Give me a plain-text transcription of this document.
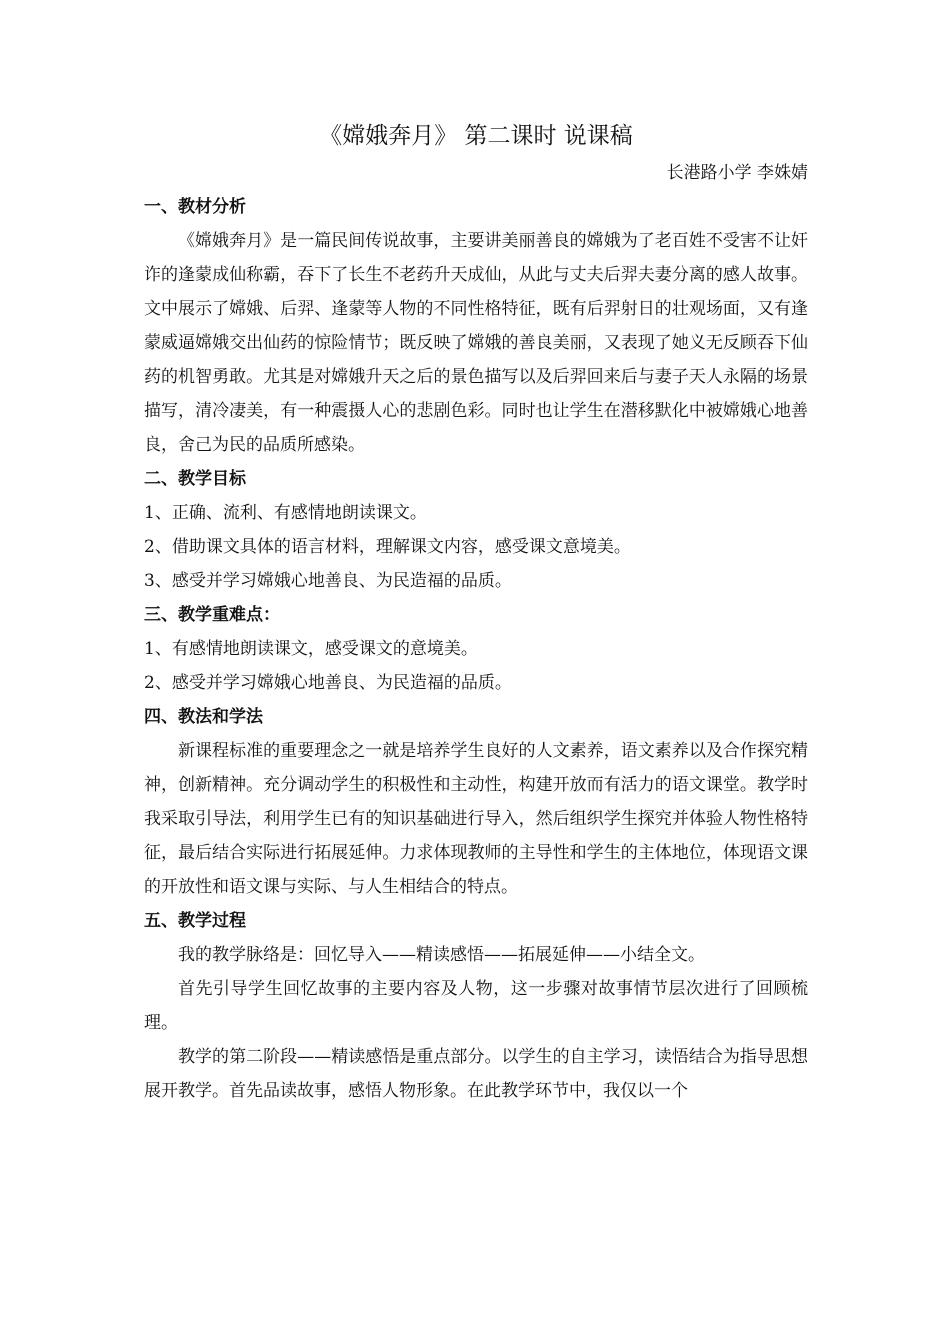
《嫦娥奔月》 第二课时 说课稿
长港路小学 李姝婧
一、教材分析

《嫦娥奔月》是一篇民间传说故事，主要讲美丽善良的嫦娥为了老百姓不受害不让奸诈的逢蒙成仙称霸，吞下了长生不老药升天成仙，从此与丈夫后羿夫妻分离的感人故事。文中展示了嫦娥、后羿、逢蒙等人物的不同性格特征，既有后羿射日的壮观场面，又有逢蒙威逼嫦娥交出仙药的惊险情节；既反映了嫦娥的善良美丽，又表现了她义无反顾吞下仙药的机智勇敢。尤其是对嫦娥升天之后的景色描写以及后羿回来后与妻子天人永隔的场景描写，清冷凄美，有一种震摄人心的悲剧色彩。同时也让学生在潜移默化中被嫦娥心地善良，舍己为民的品质所感染。

二、教学目标
1、正确、流利、有感情地朗读课文。
2、借助课文具体的语言材料，理解课文内容，感受课文意境美。
3、感受并学习嫦娥心地善良、为民造福的品质。
三、教学重难点：
1、有感情地朗读课文，感受课文的意境美。
2、感受并学习嫦娥心地善良、为民造福的品质。
四、教法和学法

新课程标准的重要理念之一就是培养学生良好的人文素养，语文素养以及合作探究精神，创新精神。充分调动学生的积极性和主动性，构建开放而有活力的语文课堂。教学时我采取引导法，利用学生已有的知识基础进行导入，然后组织学生探究并体验人物性格特征，最后结合实际进行拓展延伸。力求体现教师的主导性和学生的主体地位，体现语文课的开放性和语文课与实际、与人生相结合的特点。

五、教学过程

我的教学脉络是：回忆导入——精读感悟——拓展延伸——小结全文。

首先引导学生回忆故事的主要内容及人物，这一步骤对故事情节层次进行了回顾梳理。

教学的第二阶段——精读感悟是重点部分。以学生的自主学习，读悟结合为指导思想展开教学。首先品读故事，感悟人物形象。在此教学环节中，我仅以一个
